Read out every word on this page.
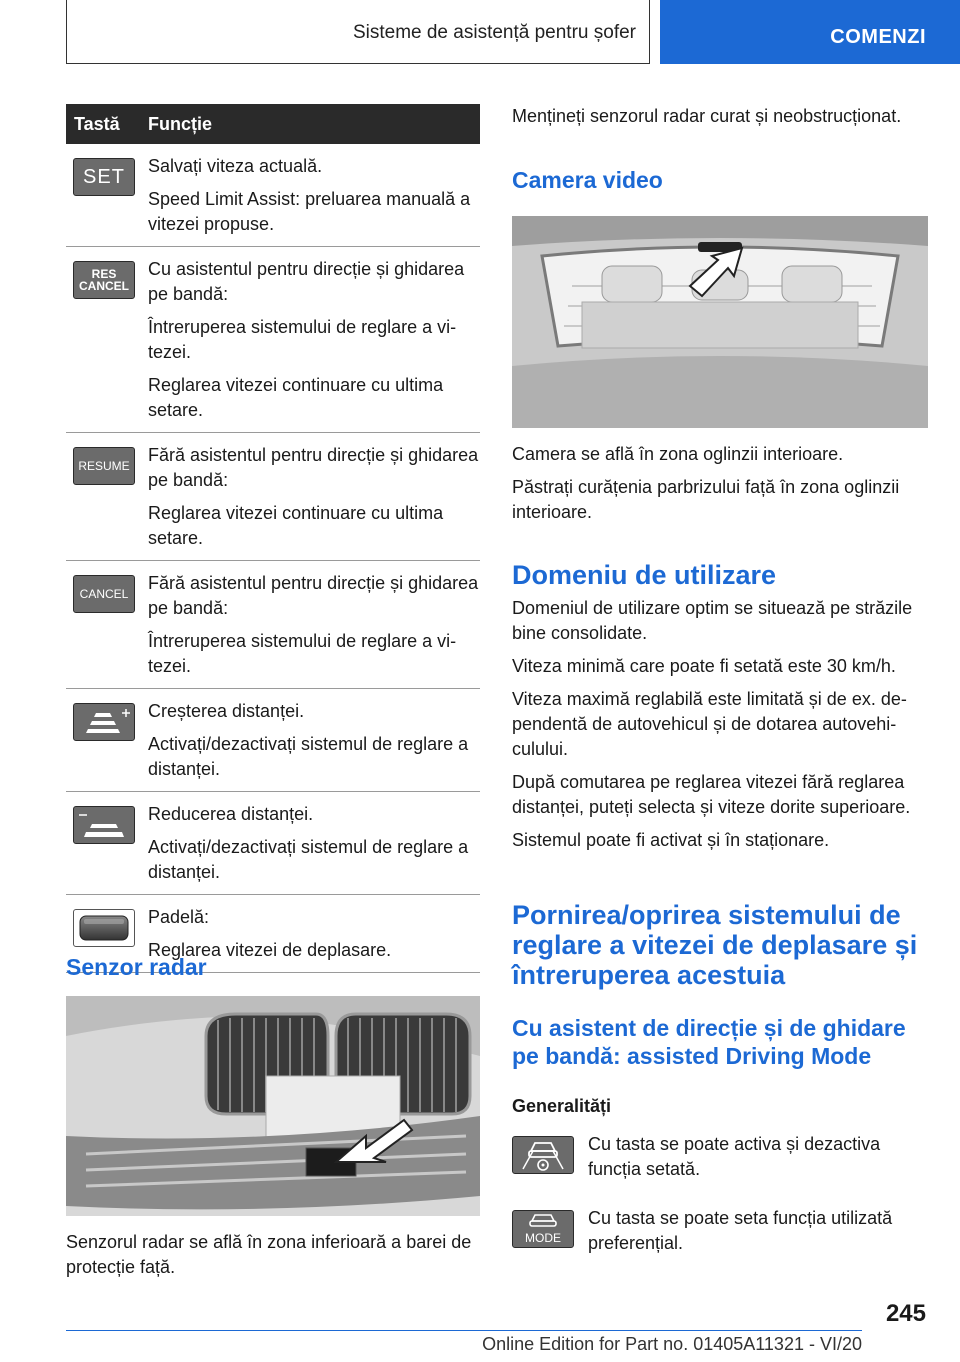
Sisteme de asistență pentru șofer	COMENZI
Tastă Funcție
SET	Salvați viteza actuală.

Speed Limit Assist: preluarea manuală a vitezei propuse.

RES
CANCEL

Cu asistentul pentru direcție și ghidarea pe bandă:

Întreruperea sistemului de reglare a vitezei.

Reglarea vitezei continuare cu ultima setare.

RESUME

Fără asistentul pentru direcție și ghidarea pe bandă:

Reglarea vitezei continuare cu ultima setare.

CANCEL

Fără asistentul pentru direcție și ghidarea pe bandă:

Întreruperea sistemului de reglare a vitezei.

Creșterea distanței.

Activați/dezactivați sistemul de reglare a distanței.

Reducerea distanței.

Activați/dezactivați sistemul de reglare a distanței.

Padelă:

Reglarea vitezei de deplasare.

Senzor radar
Senzorul radar se află în zona inferioară a barei de protecție față.
Mențineți senzorul radar curat și neobstrucționat.
Camera video
Camera se află în zona oglinzii interioare.
Păstrați curățenia parbrizului față în zona oglinzii interioare.
Domeniu de utilizare
Domeniul de utilizare optim se situează pe străzile bine consolidate.
Viteza minimă care poate fi setată este 30 km/h.
Viteza maximă reglabilă este limitată și de ex. dependentă de autovehicul și de dotarea autovehiculului.
După comutarea pe reglarea vitezei fără reglarea distanței, puteți selecta și viteze dorite superioare.
Sistemul poate fi activat și în staționare.
Pornirea/oprirea sistemului de reglare a vitezei de deplasare și întreruperea acestuia
Cu asistent de direcție și de ghidare pe bandă: assisted Driving Mode
Generalități
Cu tasta se poate activa și dezactiva funcția setată.
MODE
Cu tasta se poate seta funcția utilizată preferențial.
245
Online Edition for Part no. 01405A11321 - VI/20
